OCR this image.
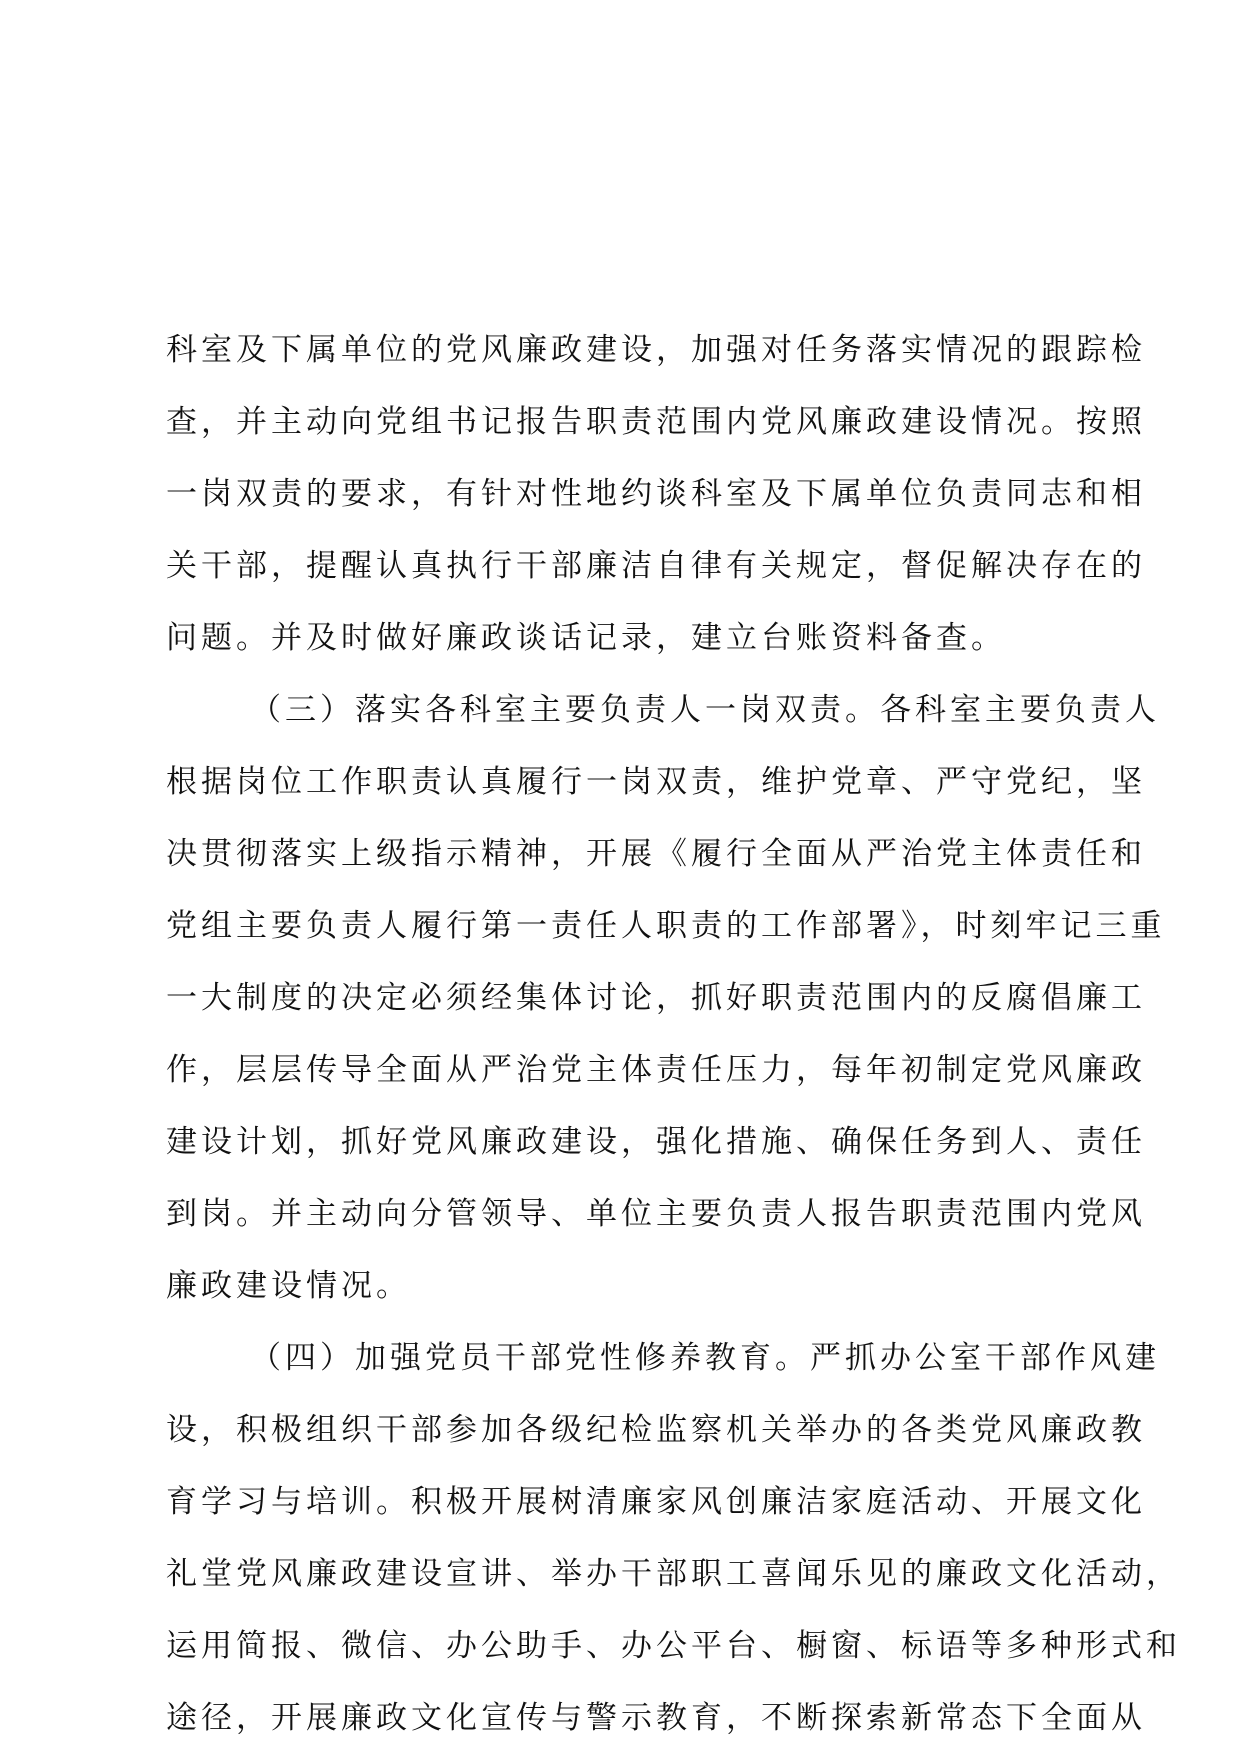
科室及下属单位的党风廉政建设，加强对任务落实情况的跟踪检
查，并主动向党组书记报告职责范围内党风廉政建设情况。按照
一岗双责的要求，有针对性地约谈科室及下属单位负责同志和相
关干部，提醒认真执行干部廉洁自律有关规定，督促解决存在的
问题。并及时做好廉政谈话记录，建立台账资料备查。
（三）落实各科室主要负责人一岗双责。各科室主要负责人
根据岗位工作职责认真履行一岗双责，维护党章、严守党纪，坚
决贯彻落实上级指示精神，开展《履行全面从严治党主体责任和
党组主要负责人履行第一责任人职责的工作部署》，时刻牢记三重
一大制度的决定必须经集体讨论，抓好职责范围内的反腐倡廉工
作，层层传导全面从严治党主体责任压力，每年初制定党风廉政
建设计划，抓好党风廉政建设，强化措施、确保任务到人、责任
到岗。并主动向分管领导、单位主要负责人报告职责范围内党风
廉政建设情况。
（四）加强党员干部党性修养教育。严抓办公室干部作风建
设，积极组织干部参加各级纪检监察机关举办的各类党风廉政教
育学习与培训。积极开展树清廉家风创廉洁家庭活动、开展文化
礼堂党风廉政建设宣讲、举办干部职工喜闻乐见的廉政文化活动，
运用简报、微信、办公助手、办公平台、橱窗、标语等多种形式和
途径，开展廉政文化宣传与警示教育，不断探索新常态下全面从
